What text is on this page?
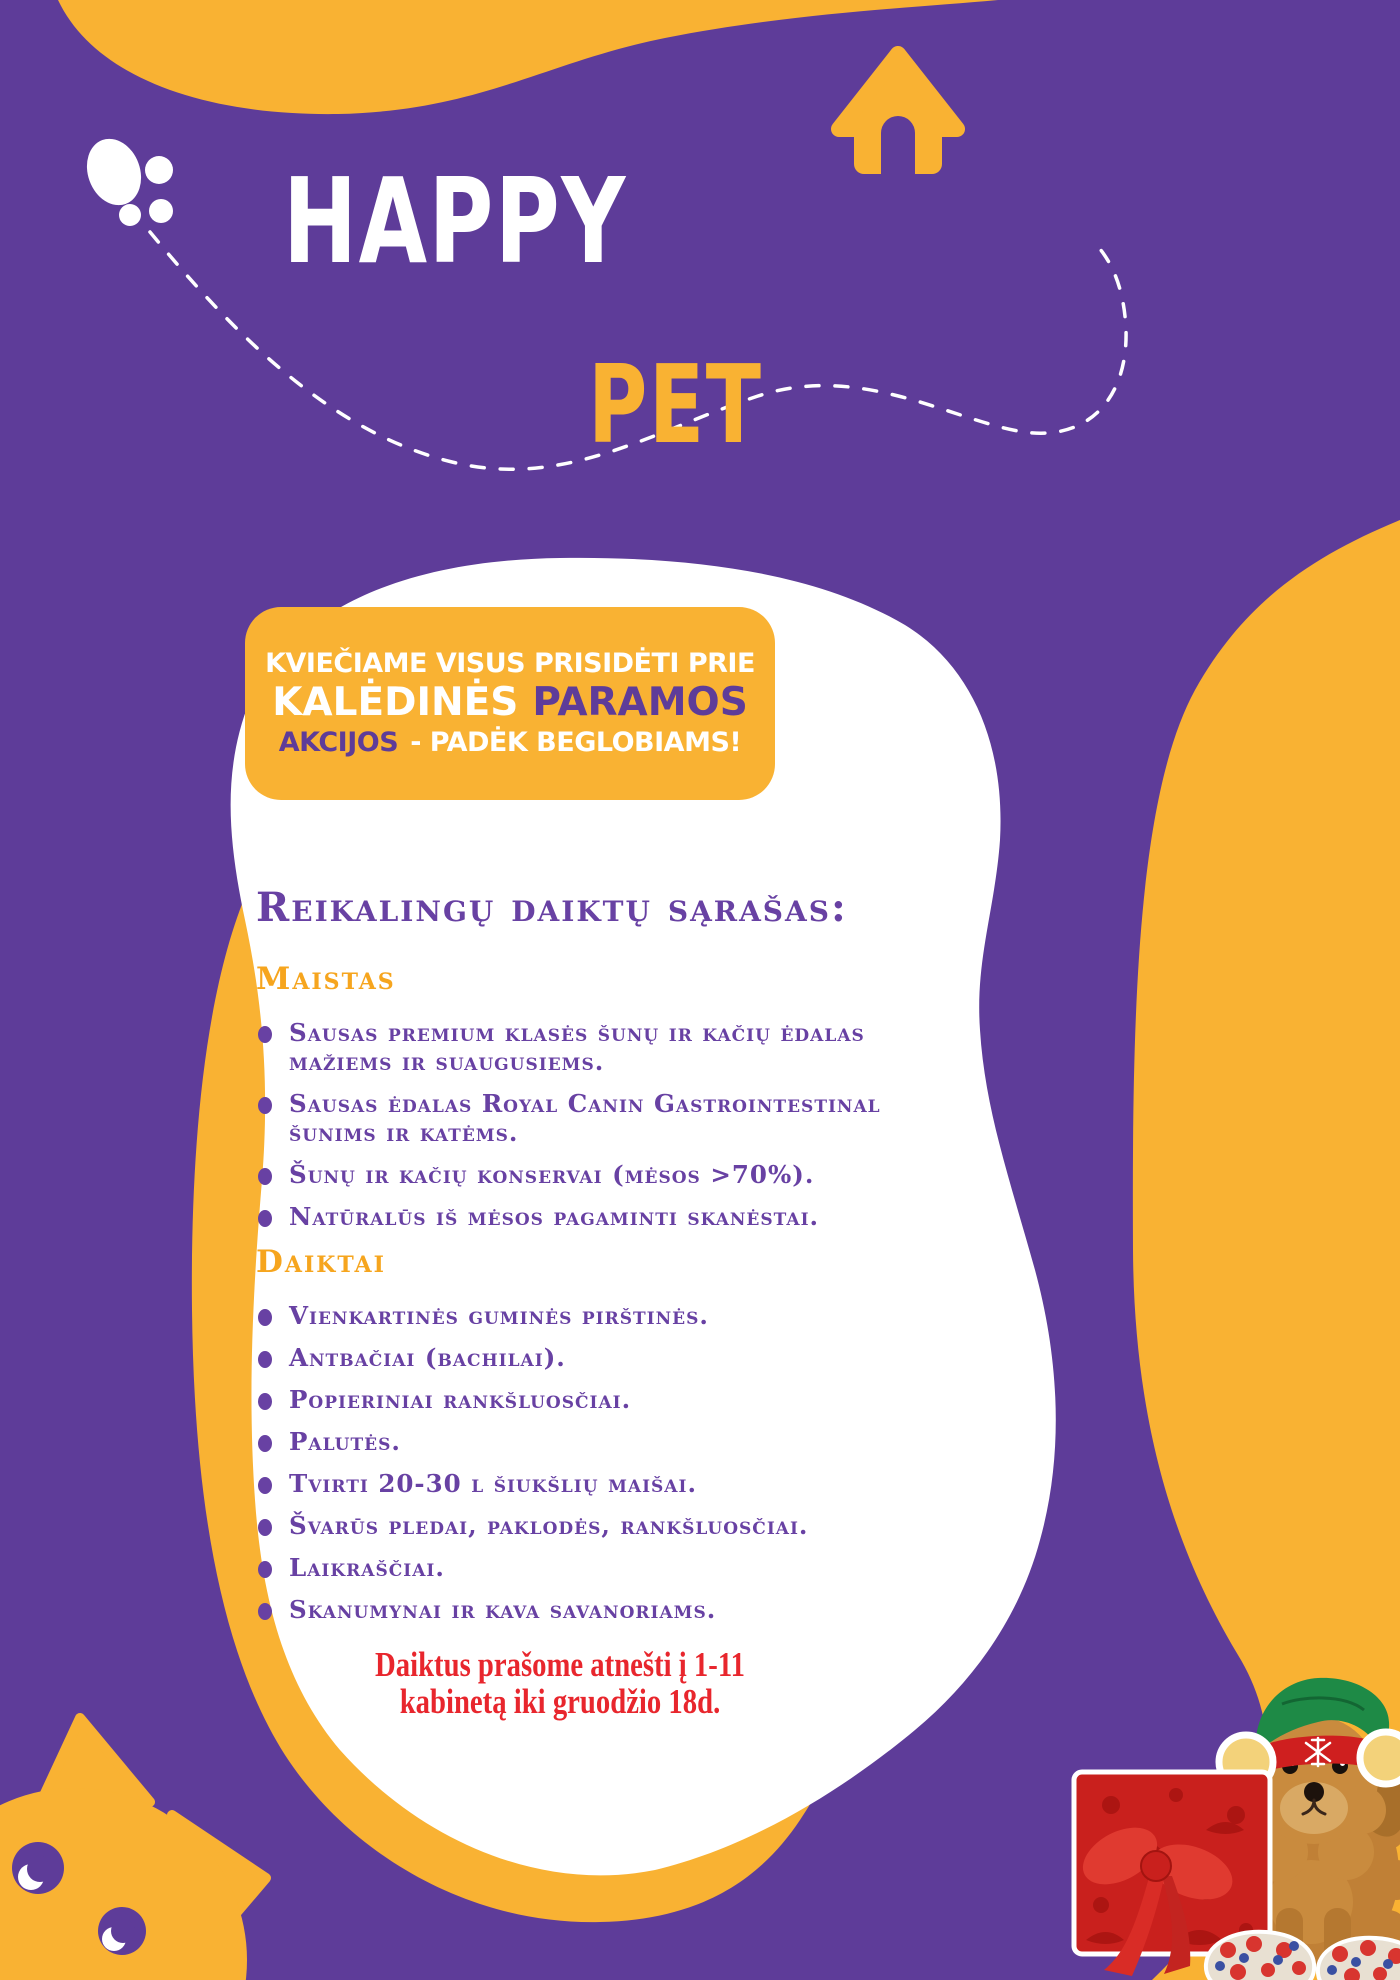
HAPPY
PET
KVIEČIAME VISUS PRISIDĖTI PRIE
KALĖDINĖS PARAMOS
AKCIJOS - PADĖK BEGLOBIAMS!
Reikalingų daiktų sąrašas:
Maistas
Sausas premium klasės šunų ir kačių ėdalas mažiems ir suaugusiems.
Sausas ėdalas Royal Canin Gastrointestinal šunims ir katėms.
Šunų ir kačių konservai (mėsos >70%).
Natūralūs iš mėsos pagaminti skanėstai.
Daiktai
Vienkartinės guminės pirštinės.
Antbačiai (bachilai).
Popieriniai rankšluosčiai.
Palutės.
Tvirti 20-30 l šiukšlių maišai.
Švarūs pledai, paklodės, rankšluosčiai.
Laikraščiai.
Skanumynai ir kava savanoriams.
Daiktus prašome atnešti į 1-11
kabinetą iki gruodžio 18d.
